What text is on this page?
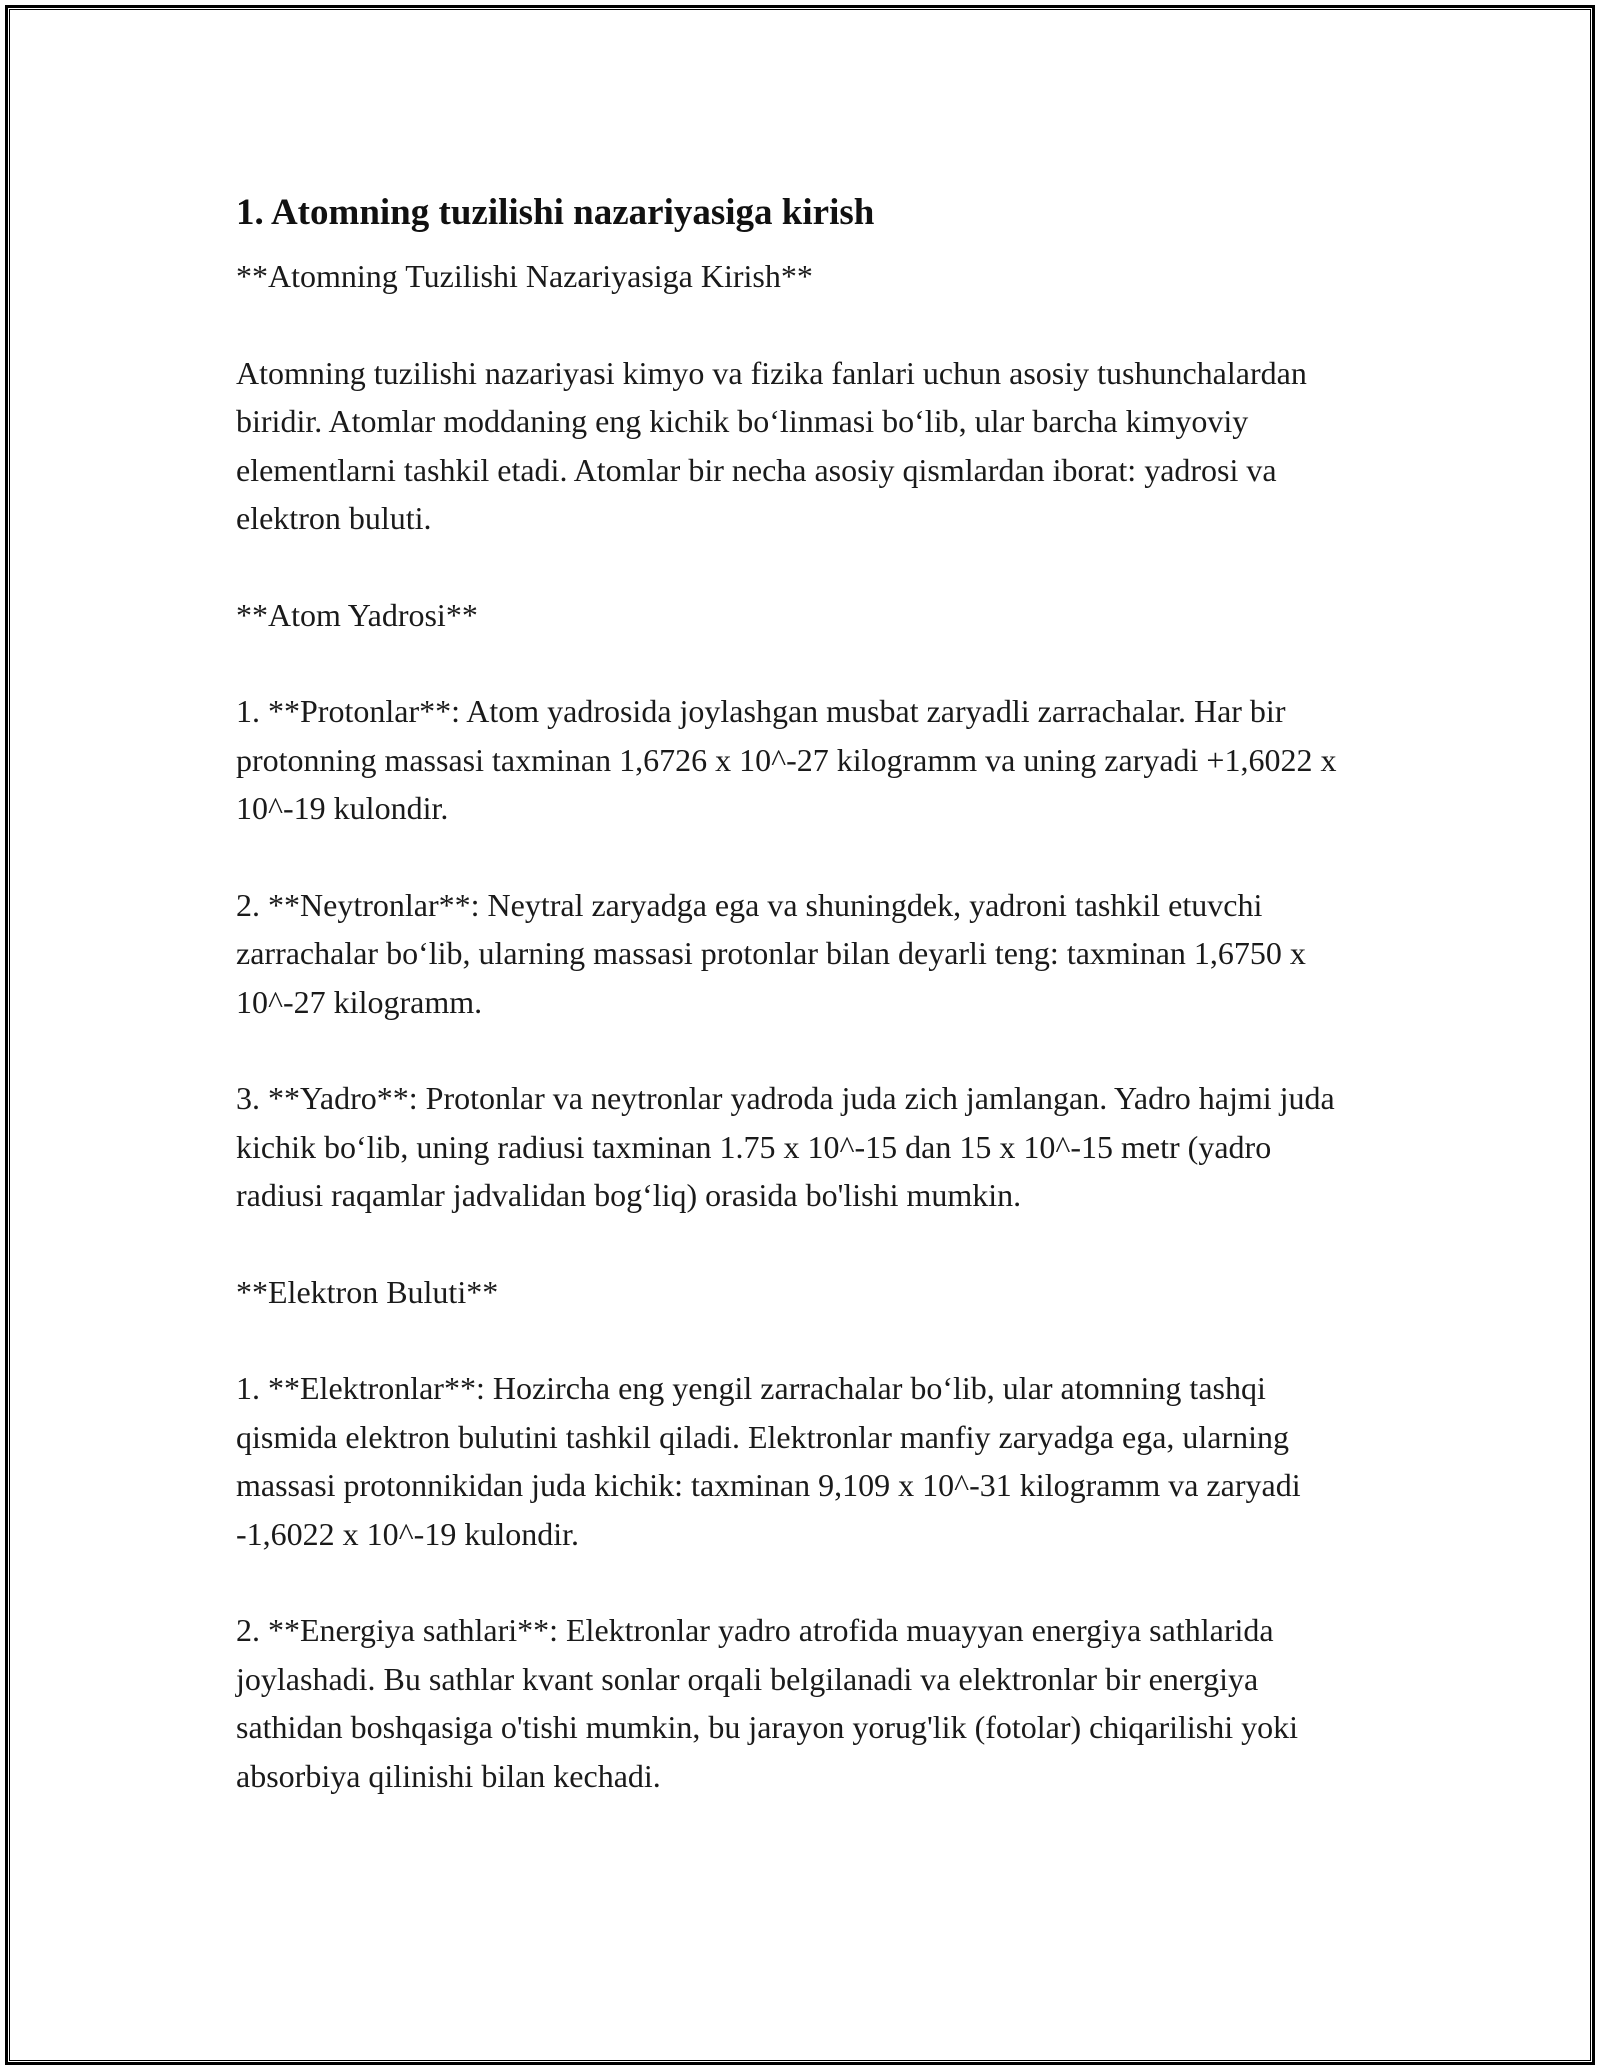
1. Atomning tuzilishi nazariyasiga kirish

**Atomning Tuzilishi Nazariyasiga Kirish**

Atomning tuzilishi nazariyasi kimyo va fizika fanlari uchun asosiy tushunchalardan biridir. Atomlar moddaning eng kichik bo‘linmasi bo‘lib, ular barcha kimyoviy elementlarni tashkil etadi. Atomlar bir necha asosiy qismlardan iborat: yadrosi va elektron buluti.

**Atom Yadrosi**

1. **Protonlar**: Atom yadrosida joylashgan musbat zaryadli zarrachalar. Har bir protonning massasi taxminan 1,6726 x 10^-27 kilogramm va uning zaryadi +1,6022 x 10^-19 kulondir.

2. **Neytronlar**: Neytral zaryadga ega va shuningdek, yadroni tashkil etuvchi zarrachalar bo‘lib, ularning massasi protonlar bilan deyarli teng: taxminan 1,6750 x 10^-27 kilogramm.

3. **Yadro**: Protonlar va neytronlar yadroda juda zich jamlangan. Yadro hajmi juda kichik bo‘lib, uning radiusi taxminan 1.75 x 10^-15 dan 15 x 10^-15 metr (yadro radiusi raqamlar jadvalidan bog‘liq) orasida bo'lishi mumkin.

**Elektron Buluti**

1. **Elektronlar**: Hozircha eng yengil zarrachalar bo‘lib, ular atomning tashqi qismida elektron bulutini tashkil qiladi. Elektronlar manfiy zaryadga ega, ularning massasi protonnikidan juda kichik: taxminan 9,109 x 10^-31 kilogramm va zaryadi -1,6022 x 10^-19 kulondir.

2. **Energiya sathlari**: Elektronlar yadro atrofida muayyan energiya sathlarida joylashadi. Bu sathlar kvant sonlar orqali belgilanadi va elektronlar bir energiya sathidan boshqasiga o'tishi mumkin, bu jarayon yorug'lik (fotolar) chiqarilishi yoki absorbiya qilinishi bilan kechadi.
